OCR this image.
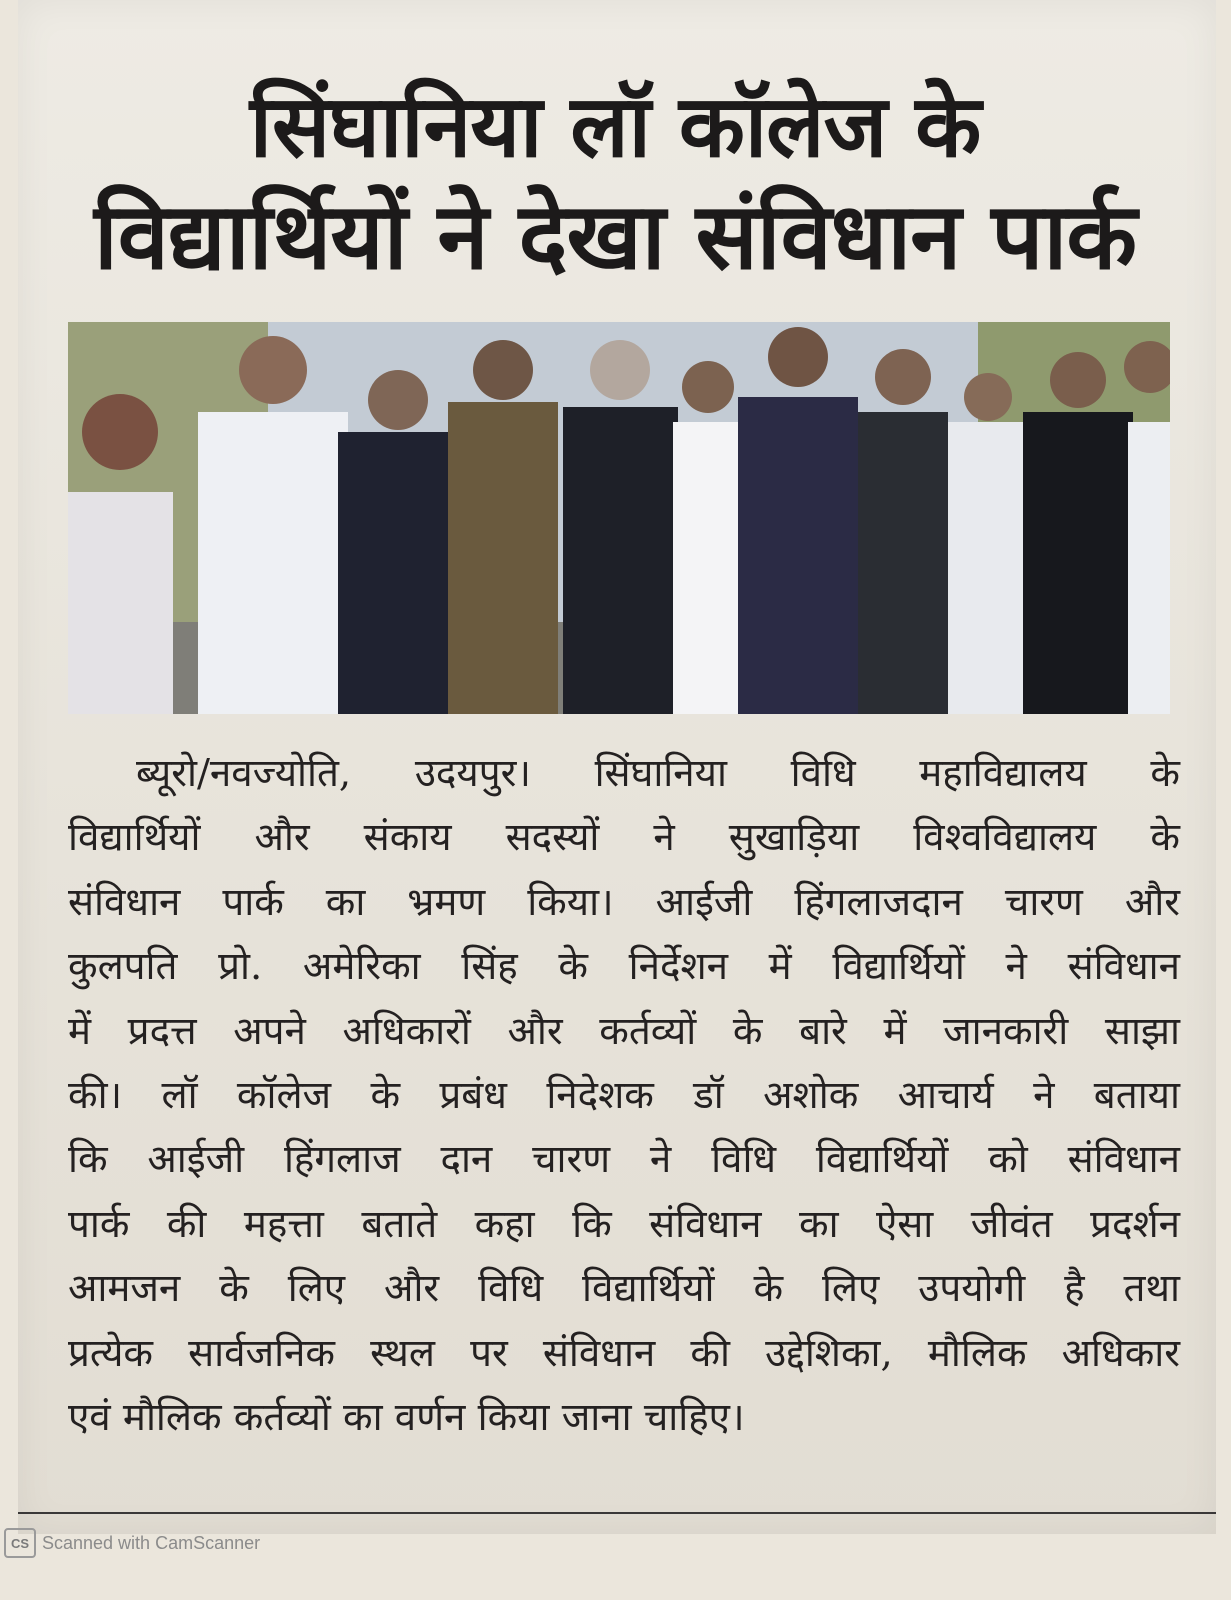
सिंघानिया लॉ कॉलेज के
विद्यार्थियों ने देखा संविधान पार्क
ब्यूरो/नवज्योति, उदयपुर। सिंघानिया विधि महाविद्यालय के
विद्यार्थियों और संकाय सदस्यों ने सुखाड़िया विश्वविद्यालय के
संविधान पार्क का भ्रमण किया। आईजी हिंगलाजदान चारण और
कुलपति प्रो. अमेरिका सिंह के निर्देशन में विद्यार्थियों ने संविधान
में प्रदत्त अपने अधिकारों और कर्तव्यों के बारे में जानकारी साझा
की। लॉ कॉलेज के प्रबंध निदेशक डॉ अशोक आचार्य ने बताया
कि आईजी हिंगलाज दान चारण ने विधि विद्यार्थियों को संविधान
पार्क की महत्ता बताते कहा कि संविधान का ऐसा जीवंत प्रदर्शन
आमजन के लिए और विधि विद्यार्थियों के लिए उपयोगी है तथा
प्रत्येक सार्वजनिक स्थल पर संविधान की उद्देशिका, मौलिक अधिकार
एवं मौलिक कर्तव्यों का वर्णन किया जाना चाहिए।
CS Scanned with CamScanner
